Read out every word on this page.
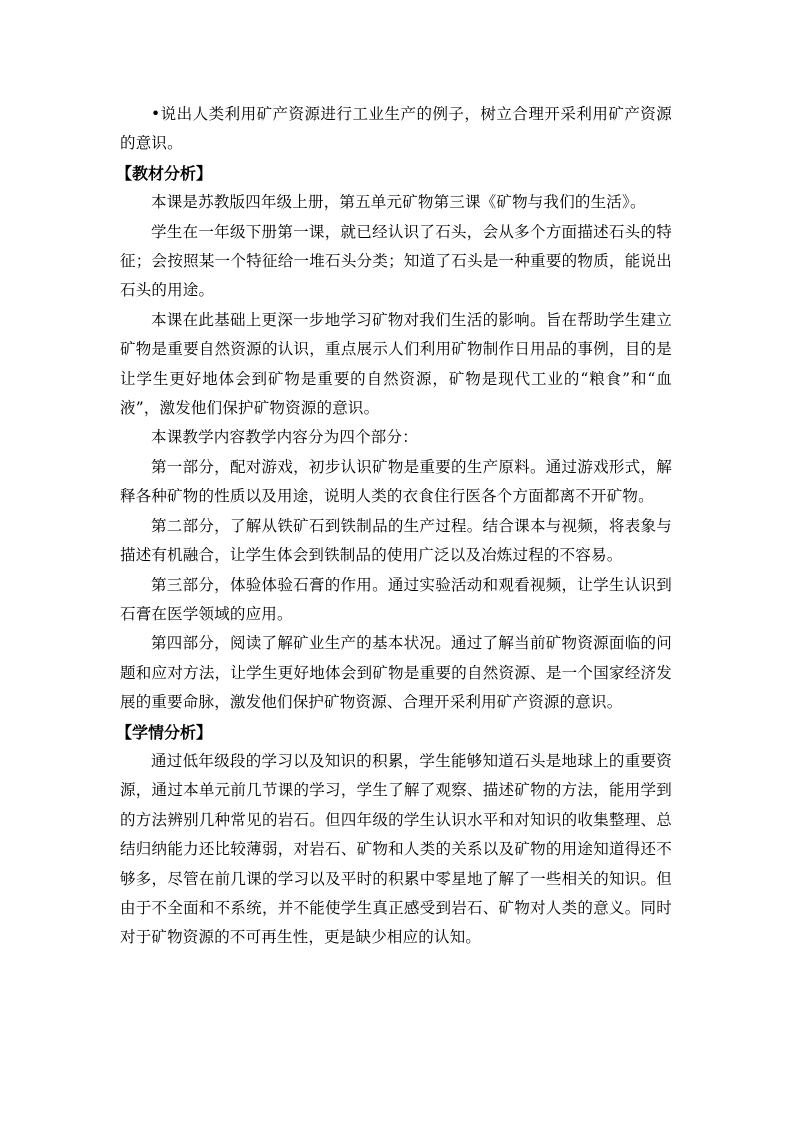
•说出人类利用矿产资源进行工业生产的例子，树立合理开采利用矿产资源的意识。

【教材分析】

本课是苏教版四年级上册，第五单元矿物第三课《矿物与我们的生活》。

学生在一年级下册第一课，就已经认识了石头，会从多个方面描述石头的特征；会按照某一个特征给一堆石头分类；知道了石头是一种重要的物质，能说出石头的用途。

本课在此基础上更深一步地学习矿物对我们生活的影响。旨在帮助学生建立矿物是重要自然资源的认识，重点展示人们利用矿物制作日用品的事例，目的是让学生更好地体会到矿物是重要的自然资源，矿物是现代工业的“粮食”和“血液”，激发他们保护矿物资源的意识。

本课教学内容教学内容分为四个部分：

第一部分，配对游戏，初步认识矿物是重要的生产原料。通过游戏形式，解释各种矿物的性质以及用途，说明人类的衣食住行医各个方面都离不开矿物。

第二部分，了解从铁矿石到铁制品的生产过程。结合课本与视频，将表象与描述有机融合，让学生体会到铁制品的使用广泛以及冶炼过程的不容易。

第三部分，体验体验石膏的作用。通过实验活动和观看视频，让学生认识到石膏在医学领域的应用。

第四部分，阅读了解矿业生产的基本状况。通过了解当前矿物资源面临的问题和应对方法，让学生更好地体会到矿物是重要的自然资源、是一个国家经济发展的重要命脉，激发他们保护矿物资源、合理开采利用矿产资源的意识。

【学情分析】

通过低年级段的学习以及知识的积累，学生能够知道石头是地球上的重要资源，通过本单元前几节课的学习，学生了解了观察、描述矿物的方法，能用学到的方法辨别几种常见的岩石。但四年级的学生认识水平和对知识的收集整理、总结归纳能力还比较薄弱，对岩石、矿物和人类的关系以及矿物的用途知道得还不够多，尽管在前几课的学习以及平时的积累中零星地了解了一些相关的知识。但由于不全面和不系统，并不能使学生真正感受到岩石、矿物对人类的意义。同时对于矿物资源的不可再生性，更是缺少相应的认知。
